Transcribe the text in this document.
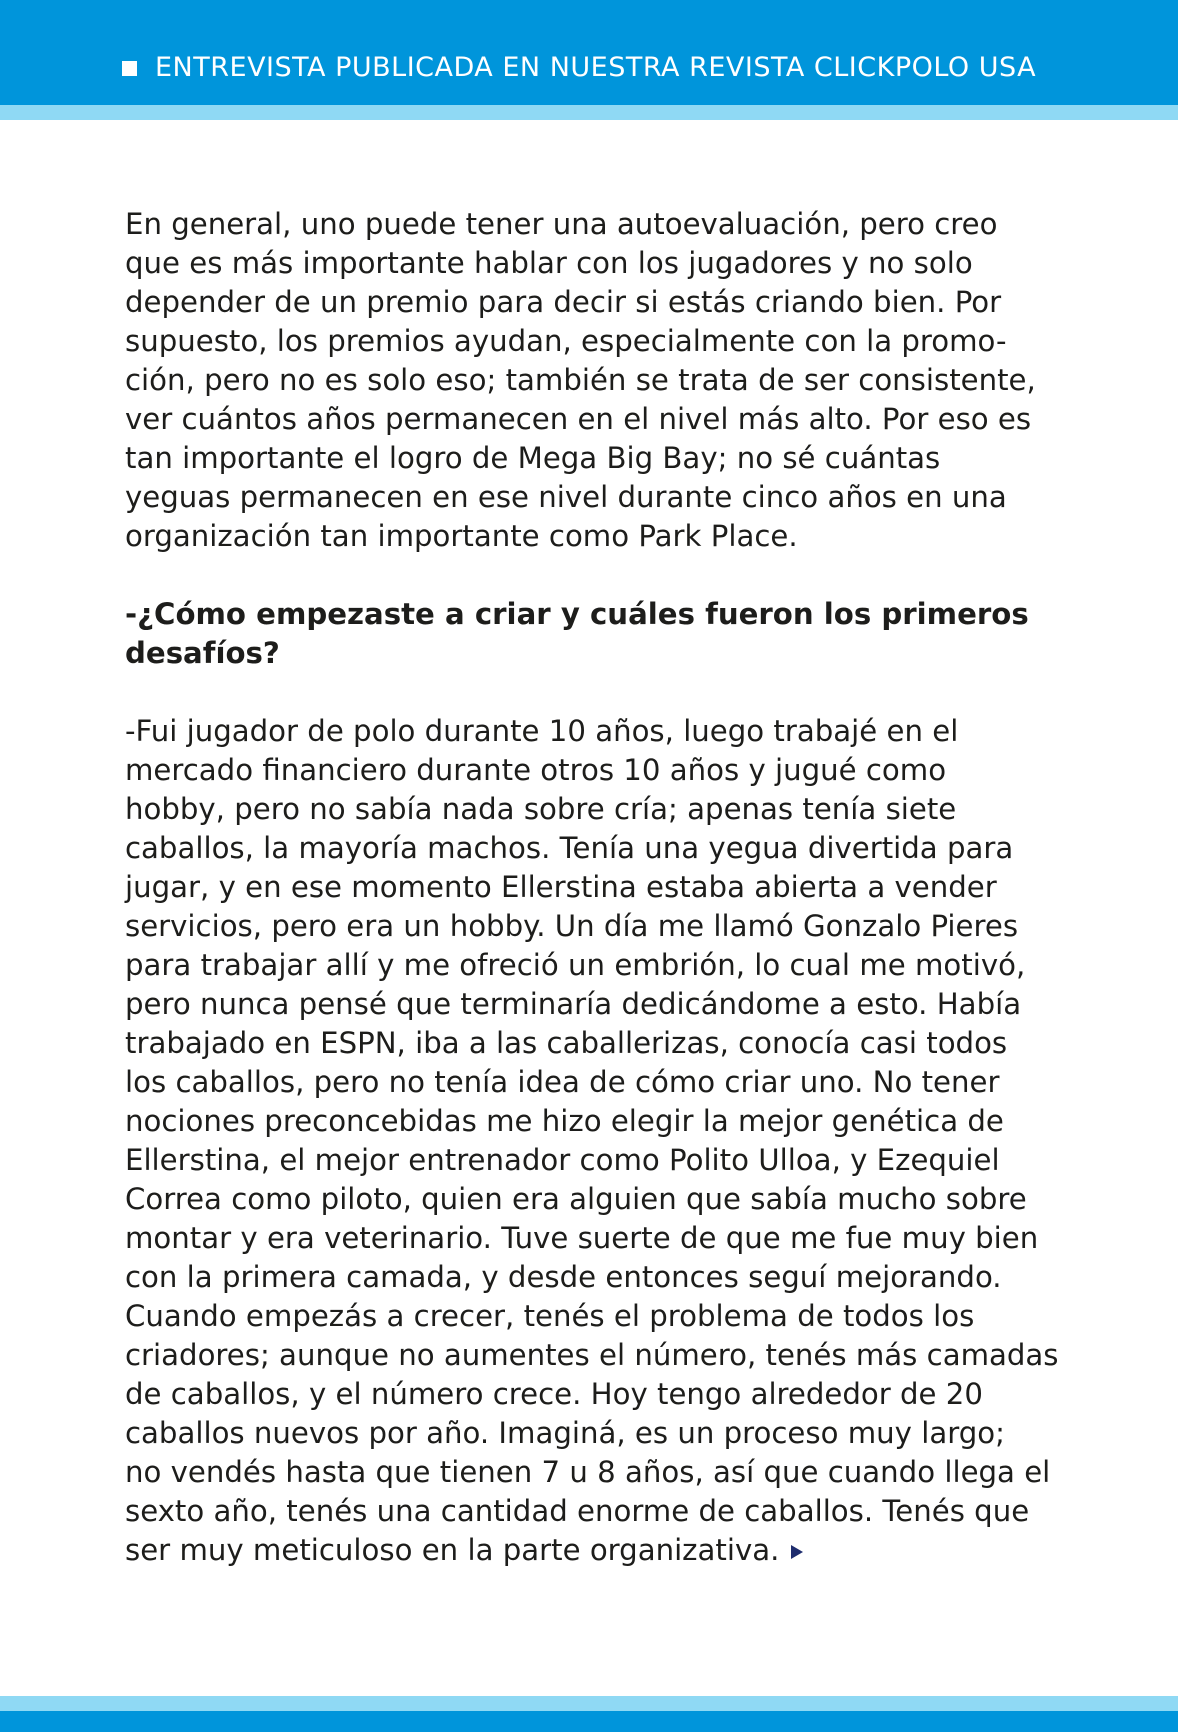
ENTREVISTA PUBLICADA EN NUESTRA REVISTA CLICKPOLO USA

En general, uno puede tener una autoevaluación, pero creo
que es más importante hablar con los jugadores y no solo
depender de un premio para decir si estás criando bien. Por
supuesto, los premios ayudan, especialmente con la promo-
ción, pero no es solo eso; también se trata de ser consistente,
ver cuántos años permanecen en el nivel más alto. Por eso es
tan importante el logro de Mega Big Bay; no sé cuántas
yeguas permanecen en ese nivel durante cinco años en una
organización tan importante como Park Place.

-¿Cómo empezaste a criar y cuáles fueron los primeros
desafíos?

-Fui jugador de polo durante 10 años, luego trabajé en el
mercado financiero durante otros 10 años y jugué como
hobby, pero no sabía nada sobre cría; apenas tenía siete
caballos, la mayoría machos. Tenía una yegua divertida para
jugar, y en ese momento Ellerstina estaba abierta a vender
servicios, pero era un hobby. Un día me llamó Gonzalo Pieres
para trabajar allí y me ofreció un embrión, lo cual me motivó,
pero nunca pensé que terminaría dedicándome a esto. Había
trabajado en ESPN, iba a las caballerizas, conocía casi todos
los caballos, pero no tenía idea de cómo criar uno. No tener
nociones preconcebidas me hizo elegir la mejor genética de
Ellerstina, el mejor entrenador como Polito Ulloa, y Ezequiel
Correa como piloto, quien era alguien que sabía mucho sobre
montar y era veterinario. Tuve suerte de que me fue muy bien
con la primera camada, y desde entonces seguí mejorando.
Cuando empezás a crecer, tenés el problema de todos los
criadores; aunque no aumentes el número, tenés más camadas
de caballos, y el número crece. Hoy tengo alrededor de 20
caballos nuevos por año. Imaginá, es un proceso muy largo;
no vendés hasta que tienen 7 u 8 años, así que cuando llega el
sexto año, tenés una cantidad enorme de caballos. Tenés que
ser muy meticuloso en la parte organizativa.
